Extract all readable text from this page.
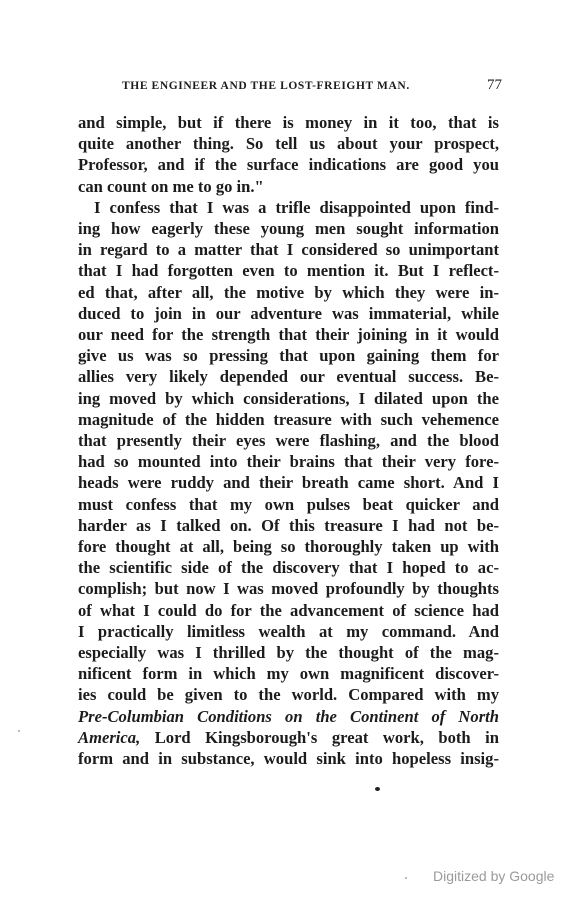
THE ENGINEER AND THE LOST-FREIGHT MAN.	77
and simple, but if there is money in it too, that is
quite another thing. So tell us about your prospect,
Professor, and if the surface indications are good you
can count on me to go in."
I confess that I was a trifle disappointed upon find-
ing how eagerly these young men sought information
in regard to a matter that I considered so unimportant
that I had forgotten even to mention it. But I reflect-
ed that, after all, the motive by which they were in-
duced to join in our adventure was immaterial, while
our need for the strength that their joining in it would
give us was so pressing that upon gaining them for
allies very likely depended our eventual success. Be-
ing moved by which considerations, I dilated upon the
magnitude of the hidden treasure with such vehemence
that presently their eyes were flashing, and the blood
had so mounted into their brains that their very fore-
heads were ruddy and their breath came short. And I
must confess that my own pulses beat quicker and
harder as I talked on. Of this treasure I had not be-
fore thought at all, being so thoroughly taken up with
the scientific side of the discovery that I hoped to ac-
complish; but now I was moved profoundly by thoughts
of what I could do for the advancement of science had
I practically limitless wealth at my command. And
especially was I thrilled by the thought of the mag-
nificent form in which my own magnificent discover-
ies could be given to the world. Compared with my
Pre-Columbian Conditions on the Continent of North
America, Lord Kingsborough's great work, both in
form and in substance, would sink into hopeless insig-
Digitized by Google
